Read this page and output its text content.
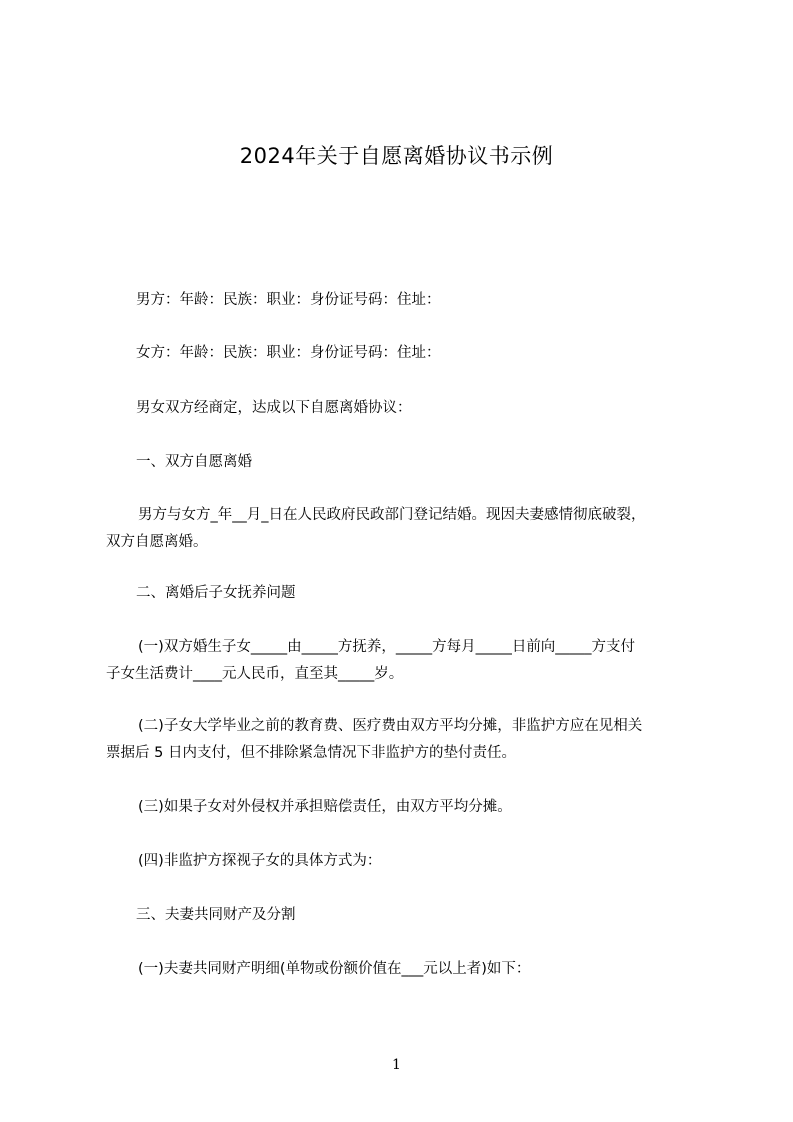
2024年关于自愿离婚协议书示例

男方：年龄：民族：职业：身份证号码：住址：

女方：年龄：民族：职业：身份证号码：住址：

男女双方经商定，达成以下自愿离婚协议：

一、双方自愿离婚

男方与女方_年__月_日在人民政府民政部门登记结婚。现因夫妻感情彻底破裂，
双方自愿离婚。

二、离婚后子女抚养问题

(一)双方婚生子女_____由_____方抚养，_____方每月_____日前向_____方支付
子女生活费计____元人民币，直至其_____岁。
(二)子女大学毕业之前的教育费、医疗费由双方平均分摊，非监护方应在见相关
票据后 5 日内支付，但不排除紧急情况下非监护方的垫付责任。

(三)如果子女对外侵权并承担赔偿责任，由双方平均分摊。

(四)非监护方探视子女的具体方式为：

三、夫妻共同财产及分割

(一)夫妻共同财产明细(单物或份额价值在___元以上者)如下：

1
